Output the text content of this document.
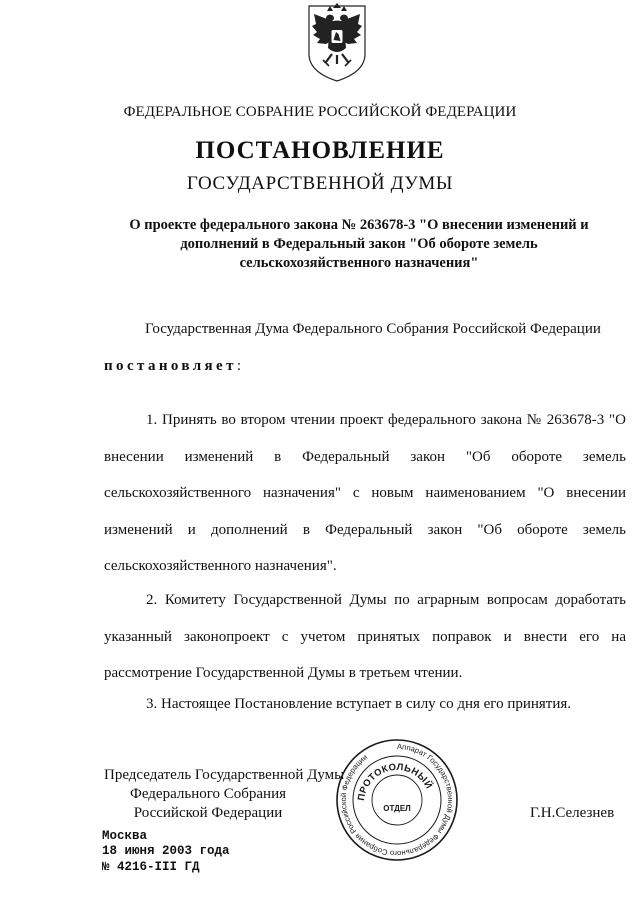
ФЕДЕРАЛЬНОЕ СОБРАНИЕ РОССИЙСКОЙ ФЕДЕРАЦИИ
ПОСТАНОВЛЕНИЕ
ГОСУДАРСТВЕННОЙ ДУМЫ
О проекте федерального закона № 263678-3 "О внесении изменений и дополнений в Федеральный закон "Об обороте земель сельскохозяйственного назначения"
Государственная Дума Федерального Собрания Российской Федерации
постановляет:
1. Принять во втором чтении проект федерального закона № 263678-3 "О внесении изменений в Федеральный закон "Об обороте земель сельскохозяйственного назначения" с новым наименованием "О внесении изменений и дополнений в Федеральный закон "Об обороте земель сельскохозяйственного назначения".
2. Комитету Государственной Думы по аграрным вопросам доработать указанный законопроект с учетом принятых поправок и внести его на рассмотрение Государственной Думы в третьем чтении.
3. Настоящее Постановление вступает в силу со дня его принятия.
Председатель Государственной Думы
Федерального Собрания
Российской Федерации	Г.Н.Селезнев
Аппарат Государственной Думы Федерального Собрания Российской Федерации
ПРОТОКОЛЬНЫЙ
ОТДЕЛ
Москва
18 июня 2003 года
№ 4216-III ГД
